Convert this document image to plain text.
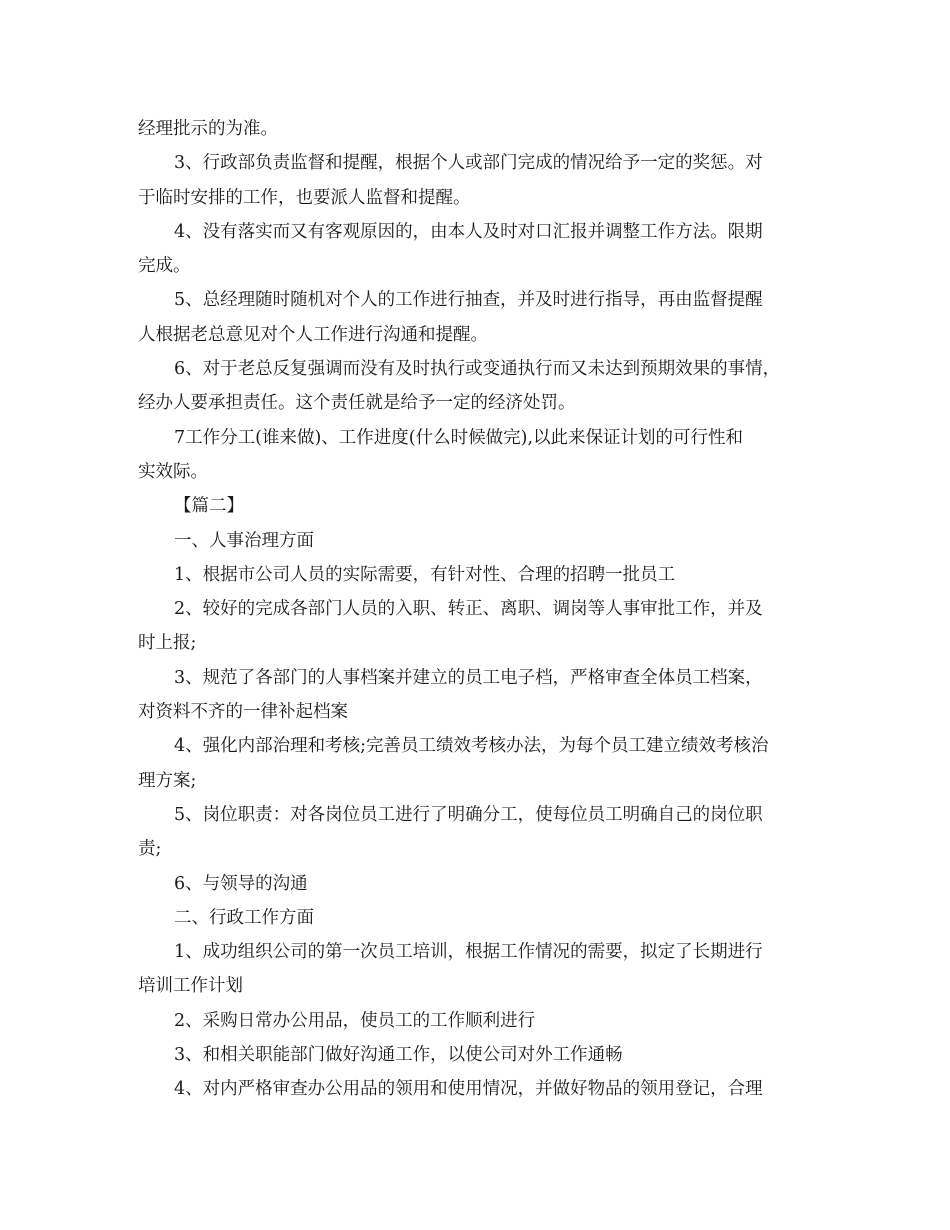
经理批示的为准。
3、行政部负责监督和提醒，根据个人或部门完成的情况给予一定的奖惩。对
于临时安排的工作，也要派人监督和提醒。
4、没有落实而又有客观原因的，由本人及时对口汇报并调整工作方法。限期
完成。
5、总经理随时随机对个人的工作进行抽查，并及时进行指导，再由监督提醒
人根据老总意见对个人工作进行沟通和提醒。
6、对于老总反复强调而没有及时执行或变通执行而又未达到预期效果的事情，
经办人要承担责任。这个责任就是给予一定的经济处罚。
7工作分工(谁来做)、工作进度(什么时候做完),以此来保证计划的可行性和
实效际。
【篇二】
一、人事治理方面
1、根据市公司人员的实际需要，有针对性、合理的招聘一批员工
2、较好的完成各部门人员的入职、转正、离职、调岗等人事审批工作，并及
时上报;
3、规范了各部门的人事档案并建立的员工电子档，严格审查全体员工档案，
对资料不齐的一律补起档案
4、强化内部治理和考核;完善员工绩效考核办法，为每个员工建立绩效考核治
理方案;
5、岗位职责：对各岗位员工进行了明确分工，使每位员工明确自己的岗位职
责;
6、与领导的沟通
二、行政工作方面
1、成功组织公司的第一次员工培训，根据工作情况的需要，拟定了长期进行
培训工作计划
2、采购日常办公用品，使员工的工作顺利进行
3、和相关职能部门做好沟通工作，以使公司对外工作通畅
4、对内严格审查办公用品的领用和使用情况，并做好物品的领用登记，合理
